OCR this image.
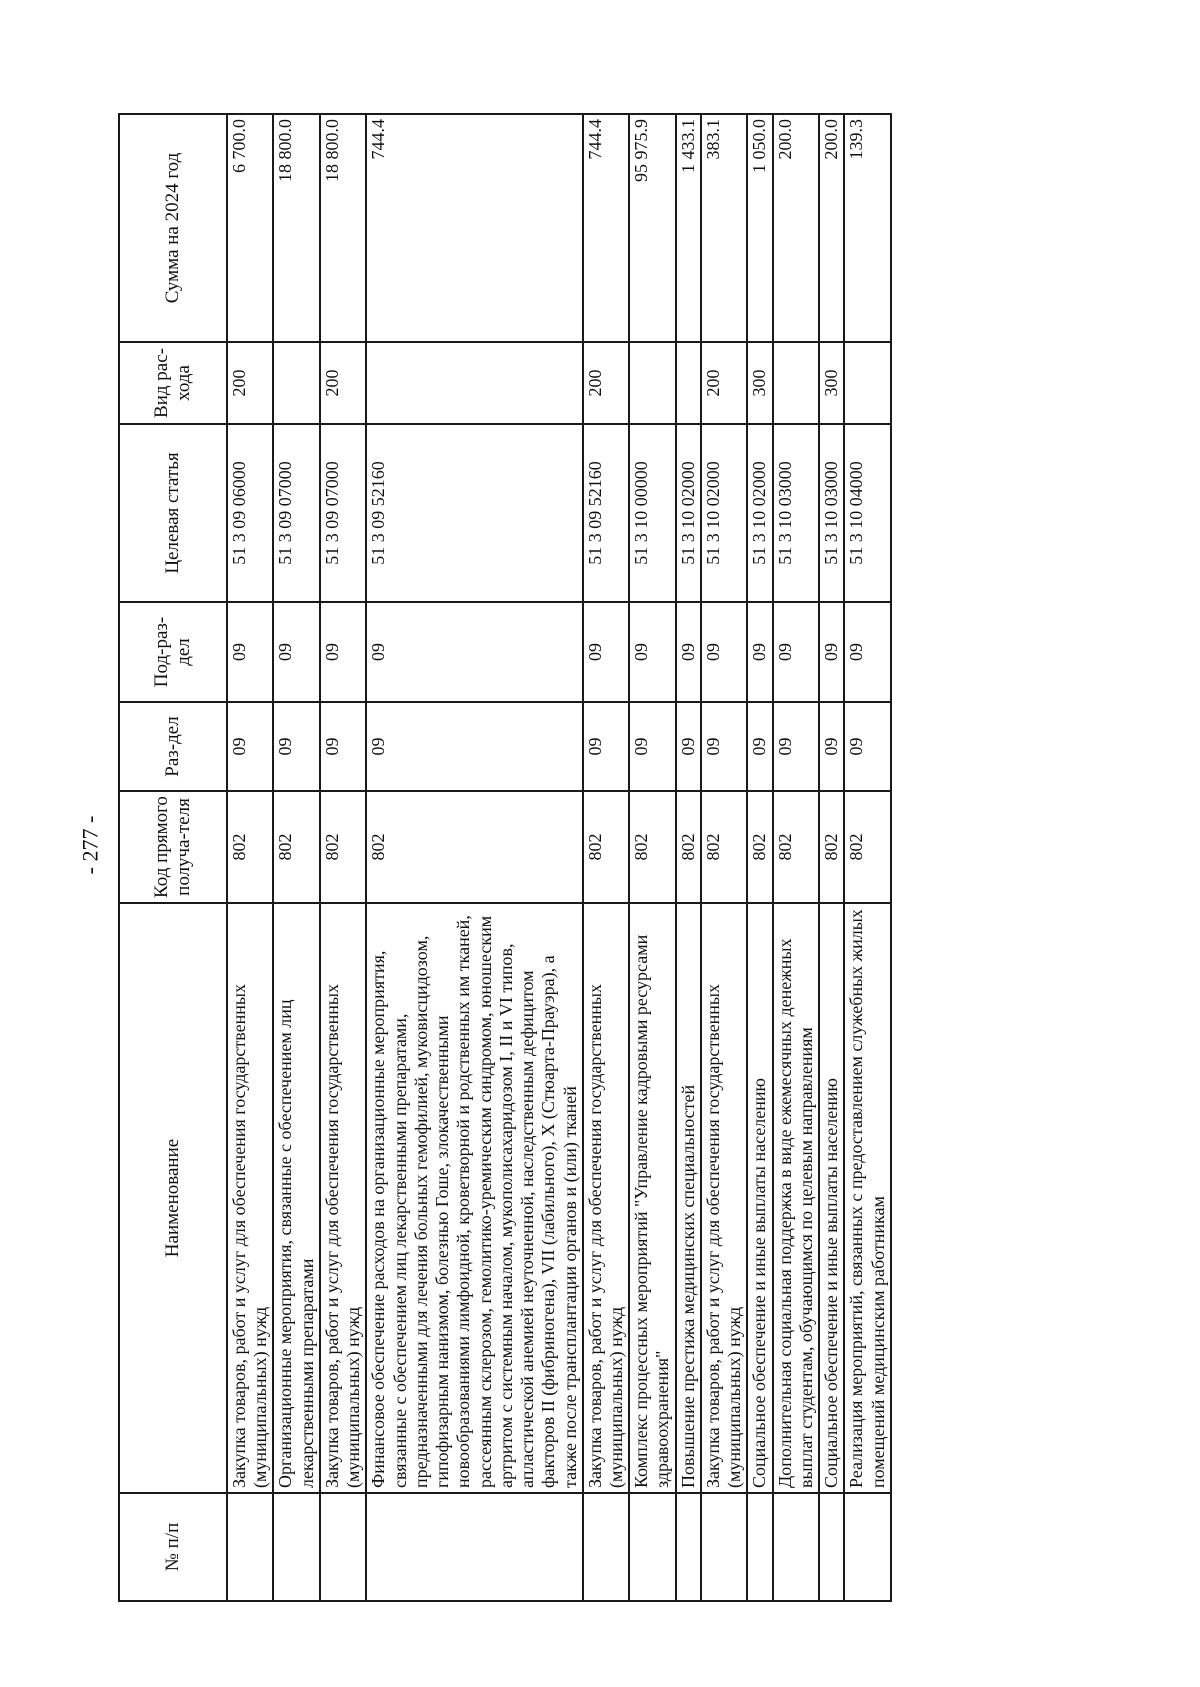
- 277 -
№ п/п	Наименование	Код прямого получа-теля	Раз-дел	Под-раз-дел	Целевая статья	Вид рас-хода	Сумма на 2024 год
	Закупка товаров, работ и услуг для обеспечения государственных (муниципальных) нужд	802	09	09	51 3 09 06000	200	6 700.0
	Организационные мероприятия, связанные с обеспечением лиц лекарственными препаратами	802	09	09	51 3 09 07000		18 800.0
	Закупка товаров, работ и услуг для обеспечения государственных (муниципальных) нужд	802	09	09	51 3 09 07000	200	18 800.0
	Финансовое обеспечение расходов на организационные мероприятия, связанные с обеспечением лиц лекарственными препаратами, предназначенными для лечения больных гемофилией, муковисцидозом, гипофизарным нанизмом, болезнью Гоше, злокачественными новообразованиями лимфоидной, кроветворной и родственных им тканей, рассеянным склерозом, гемолитико-уремическим синдромом, юношеским артритом с системным началом, мукополисахаридозом I, II и VI типов, апластической анемией неуточненной, наследственным дефицитом факторов II (фибриногена), VII (лабильного), X (Стюарта-Прауэра), а также после трансплантации органов и (или) тканей	802	09	09	51 3 09 52160		744.4
	Закупка товаров, работ и услуг для обеспечения государственных (муниципальных) нужд	802	09	09	51 3 09 52160	200	744.4
	Комплекс процессных мероприятий "Управление кадровыми ресурсами здравоохранения"	802	09	09	51 3 10 00000		95 975.9
	Повышение престижа медицинских специальностей	802	09	09	51 3 10 02000		1 433.1
	Закупка товаров, работ и услуг для обеспечения государственных (муниципальных) нужд	802	09	09	51 3 10 02000	200	383.1
	Социальное обеспечение и иные выплаты населению	802	09	09	51 3 10 02000	300	1 050.0
	Дополнительная социальная поддержка в виде ежемесячных денежных выплат студентам, обучающимся по целевым направлениям	802	09	09	51 3 10 03000		200.0
	Социальное обеспечение и иные выплаты населению	802	09	09	51 3 10 03000	300	200.0
	Реализация мероприятий, связанных с предоставлением служебных жилых помещений медицинским работникам	802	09	09	51 3 10 04000		139.3
